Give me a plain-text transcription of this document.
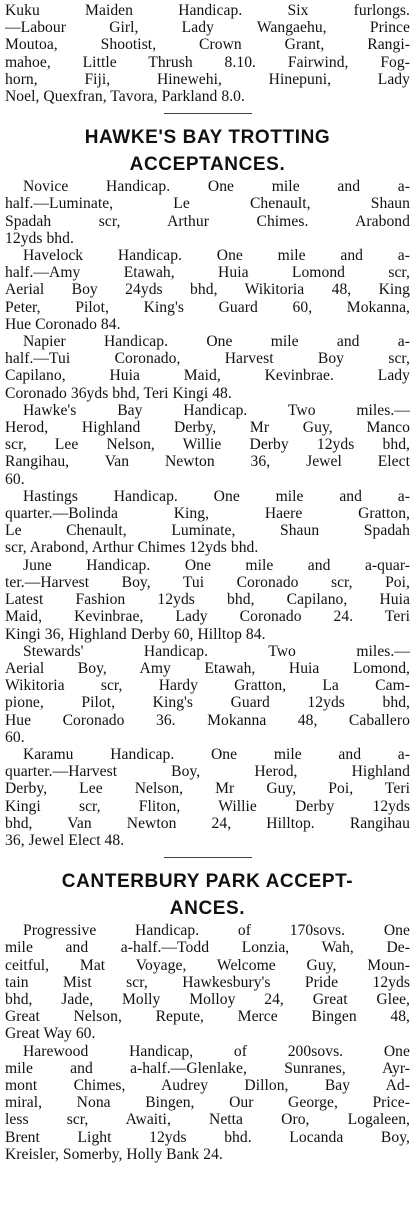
Kuku Maiden Handicap. Six furlongs.
—Labour Girl, Lady Wangaehu, Prince
Moutoa, Shootist, Crown Grant, Rangi-
mahoe, Little Thrush 8.10. Fairwind, Fog-
horn, Fiji, Hinewehi, Hinepuni, Lady
Noel, Quexfran, Tavora, Parkland 8.0.
HAWKE'S BAY TROTTING
ACCEPTANCES.
Novice Handicap. One mile and a-
half.—Luminate, Le Chenault, Shaun
Spadah scr, Arthur Chimes. Arabond
12yds bhd.
Havelock Handicap. One mile and a-
half.—Amy Etawah, Huia Lomond scr,
Aerial Boy 24yds bhd, Wikitoria 48, King
Peter, Pilot, King's Guard 60, Mokanna,
Hue Coronado 84.
Napier Handicap. One mile and a-
half.—Tui Coronado, Harvest Boy scr,
Capilano, Huia Maid, Kevinbrae. Lady
Coronado 36yds bhd, Teri Kingi 48.
Hawke's Bay Handicap. Two miles.—
Herod, Highland Derby, Mr Guy, Manco
scr, Lee Nelson, Willie Derby 12yds bhd,
Rangihau, Van Newton 36, Jewel Elect
60.
Hastings Handicap. One mile and a-
quarter.—Bolinda King, Haere Gratton,
Le Chenault, Luminate, Shaun Spadah
scr, Arabond, Arthur Chimes 12yds bhd.
June Handicap. One mile and a-quar-
ter.—Harvest Boy, Tui Coronado scr, Poi,
Latest Fashion 12yds bhd, Capilano, Huia
Maid, Kevinbrae, Lady Coronado 24. Teri
Kingi 36, Highland Derby 60, Hilltop 84.
Stewards' Handicap. Two miles.—
Aerial Boy, Amy Etawah, Huia Lomond,
Wikitoria scr, Hardy Gratton, La Cam-
pione, Pilot, King's Guard 12yds bhd,
Hue Coronado 36. Mokanna 48, Caballero
60.
Karamu Handicap. One mile and a-
quarter.—Harvest Boy, Herod, Highland
Derby, Lee Nelson, Mr Guy, Poi, Teri
Kingi scr, Fliton, Willie Derby 12yds
bhd, Van Newton 24, Hilltop. Rangihau
36, Jewel Elect 48.
CANTERBURY PARK ACCEPT-
ANCES.
Progressive Handicap. of 170sovs. One
mile and a-half.—Todd Lonzia, Wah, De-
ceitful, Mat Voyage, Welcome Guy, Moun-
tain Mist scr, Hawkesbury's Pride 12yds
bhd, Jade, Molly Molloy 24, Great Glee,
Great Nelson, Repute, Merce Bingen 48,
Great Way 60.
Harewood Handicap, of 200sovs. One
mile and a-half.—Glenlake, Sunranes, Ayr-
mont Chimes, Audrey Dillon, Bay Ad-
miral, Nona Bingen, Our George, Price-
less scr, Awaiti, Netta Oro, Logaleen,
Brent Light 12yds bhd. Locanda Boy,
Kreisler, Somerby, Holly Bank 24.
